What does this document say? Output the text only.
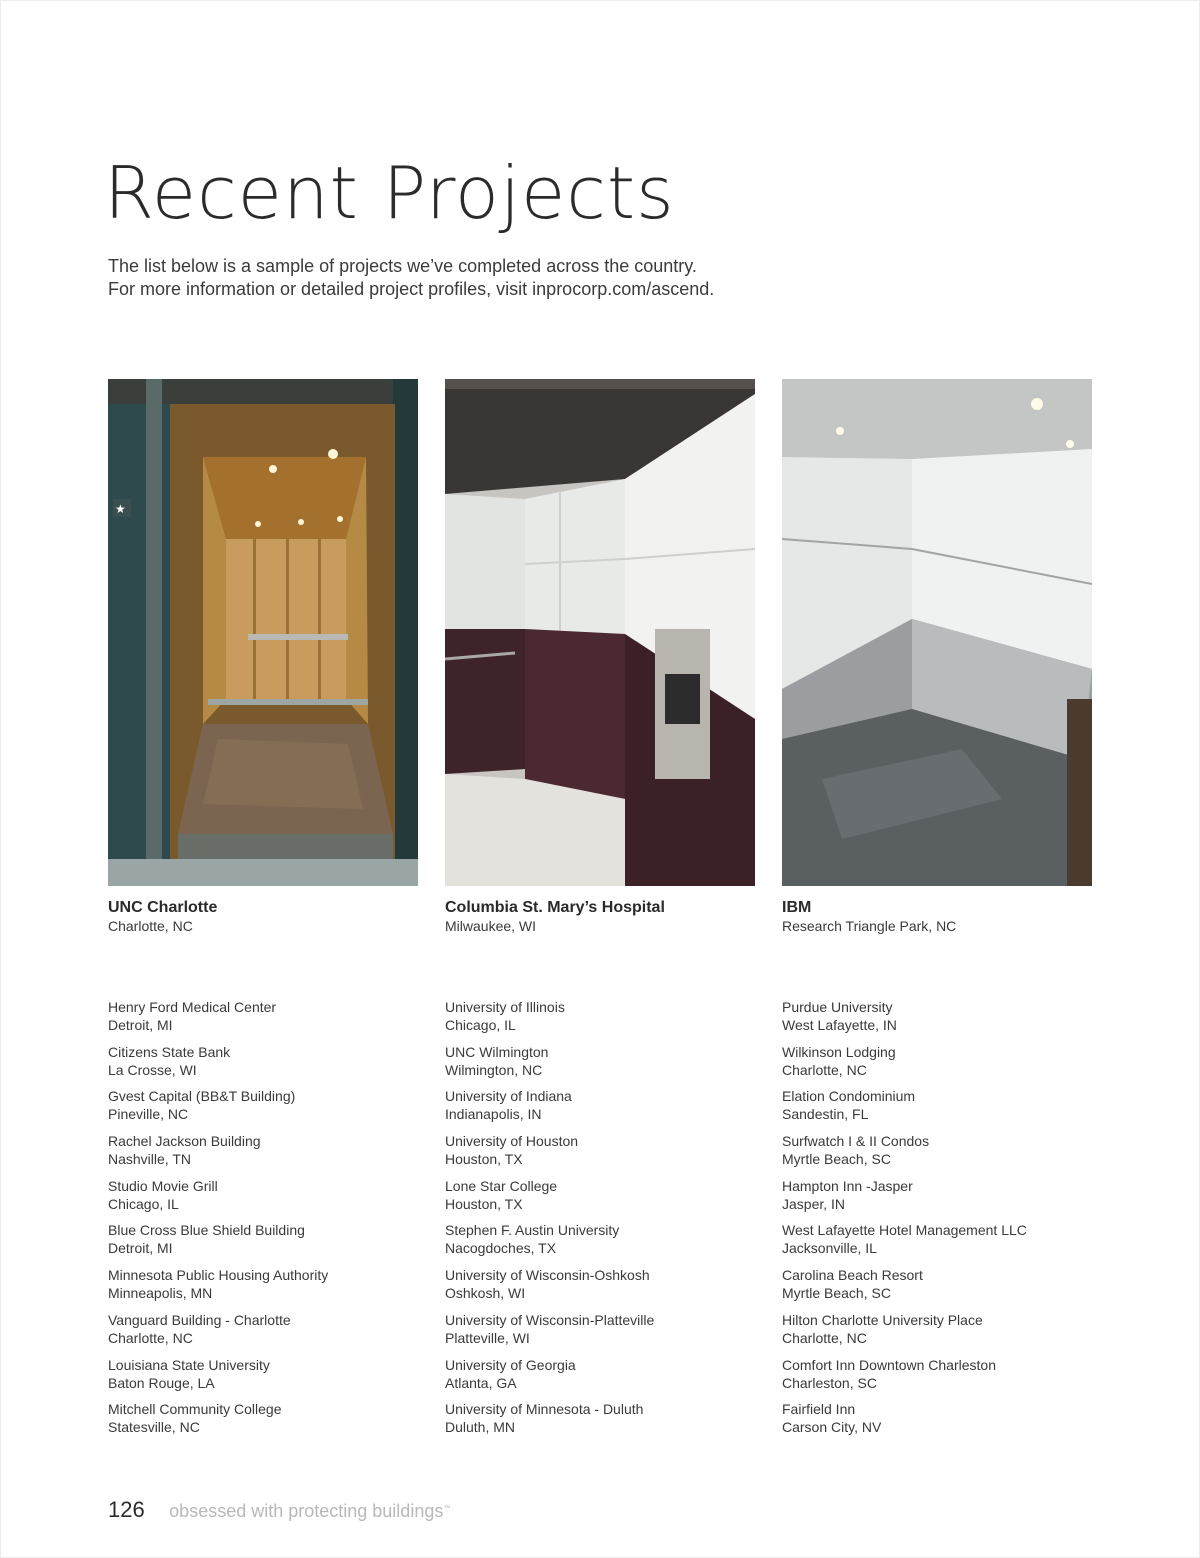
Recent Projects
The list below is a sample of projects we’ve completed across the country.
For more information or detailed project profiles, visit inprocorp.com/ascend.
★
UNC Charlotte
Charlotte, NC
Columbia St. Mary’s Hospital
Milwaukee, WI
IBM
Research Triangle Park, NC
Henry Ford Medical Center
Detroit, MI
Citizens State Bank
La Crosse, WI
Gvest Capital (BB&T Building)
Pineville, NC
Rachel Jackson Building
Nashville, TN
Studio Movie Grill
Chicago, IL
Blue Cross Blue Shield Building
Detroit, MI
Minnesota Public Housing Authority
Minneapolis, MN
Vanguard Building - Charlotte
Charlotte, NC
Louisiana State University
Baton Rouge, LA
Mitchell Community College
Statesville, NC
University of Illinois
Chicago, IL
UNC Wilmington
Wilmington, NC
University of Indiana
Indianapolis, IN
University of Houston
Houston, TX
Lone Star College
Houston, TX
Stephen F. Austin University
Nacogdoches, TX
University of Wisconsin-Oshkosh
Oshkosh, WI
University of Wisconsin-Platteville
Platteville, WI
University of Georgia
Atlanta, GA
University of Minnesota - Duluth
Duluth, MN
Purdue University
West Lafayette, IN
Wilkinson Lodging
Charlotte, NC
Elation Condominium
Sandestin, FL
Surfwatch I & II Condos
Myrtle Beach, SC
Hampton Inn -Jasper
Jasper, IN
West Lafayette Hotel Management LLC
Jacksonville, IL
Carolina Beach Resort
Myrtle Beach, SC
Hilton Charlotte University Place
Charlotte, NC
Comfort Inn Downtown Charleston
Charleston, SC
Fairfield Inn
Carson City, NV
126 obsessed with protecting buildings™
